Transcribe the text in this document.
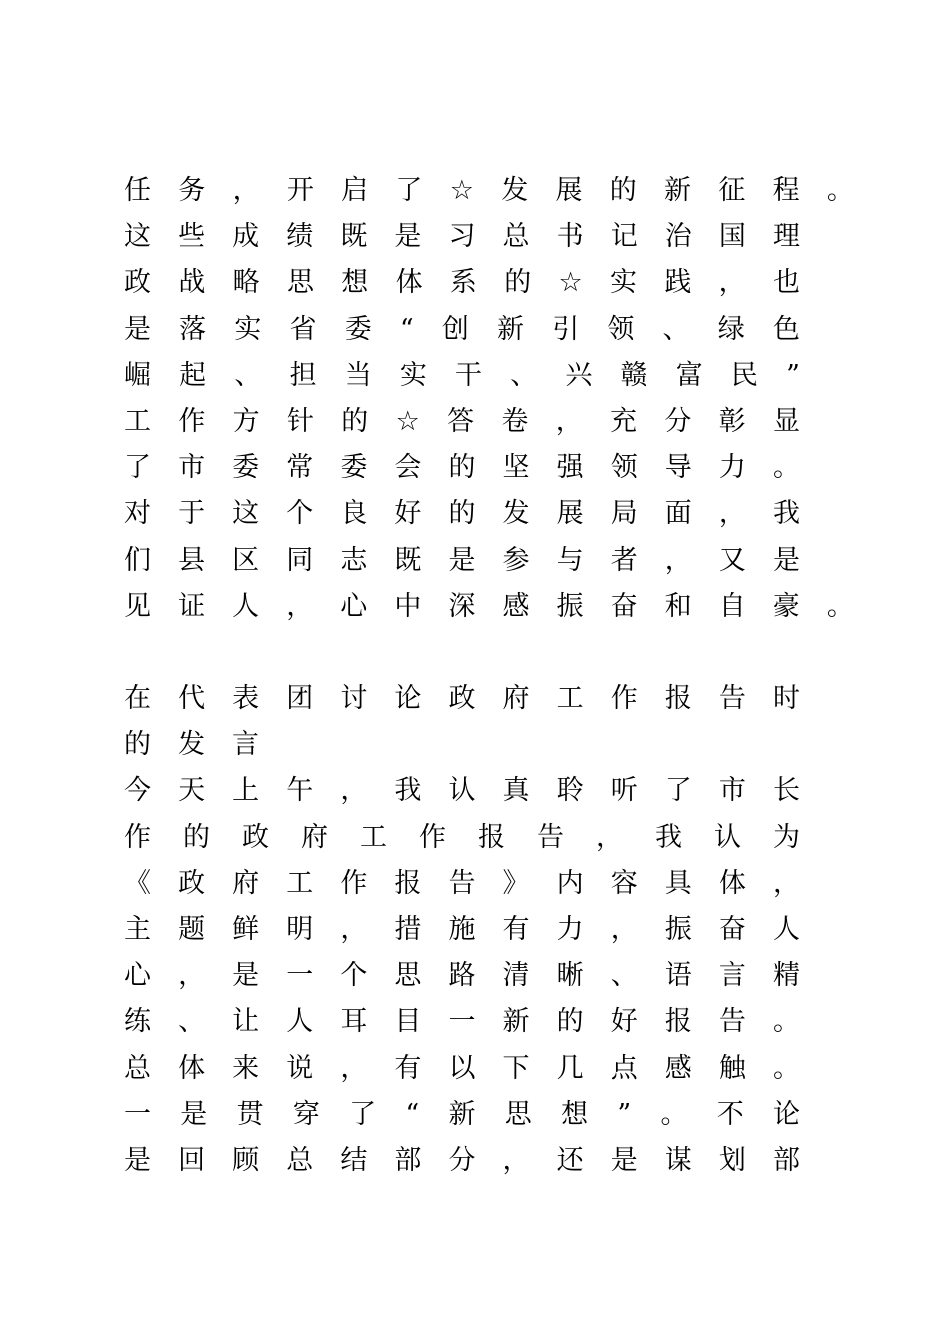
任 务 ， 开 启 了 ☆ 发 展 的 新 征 程 。
这 些 成 绩 既 是 习 总 书 记 治 国 理
政 战 略 思 想 体 系 的 ☆ 实 践 ， 也
是 落 实 省 委 “ 创 新 引 领 、 绿 色
崛 起 、 担 当 实 干 、 兴 赣 富 民 ”
工 作 方 针 的 ☆ 答 卷 ， 充 分 彰 显
了 市 委 常 委 会 的 坚 强 领 导 力 。
对 于 这 个 良 好 的 发 展 局 面 ， 我
们 县 区 同 志 既 是 参 与 者 ， 又 是
见 证 人 ， 心 中 深 感 振 奋 和 自 豪 。
在 代 表 团 讨 论 政 府 工 作 报 告 时
的	发	言
今 天 上 午 ， 我 认 真 聆 听 了 市 长
作 的 政 府 工 作 报 告 ， 我 认 为
《 政 府 工 作 报 告 》 内 容 具 体 ，
主 题 鲜 明 ， 措 施 有 力 ， 振 奋 人
心 ， 是 一 个 思 路 清 晰 、 语 言 精
练 、 让 人 耳 目 一 新 的 好 报 告 。
总 体 来 说 ， 有 以 下 几 点 感 触 。
一 是 贯 穿 了 “ 新 思 想 ” 。 不 论
是 回 顾 总 结 部 分 ， 还 是 谋 划 部
